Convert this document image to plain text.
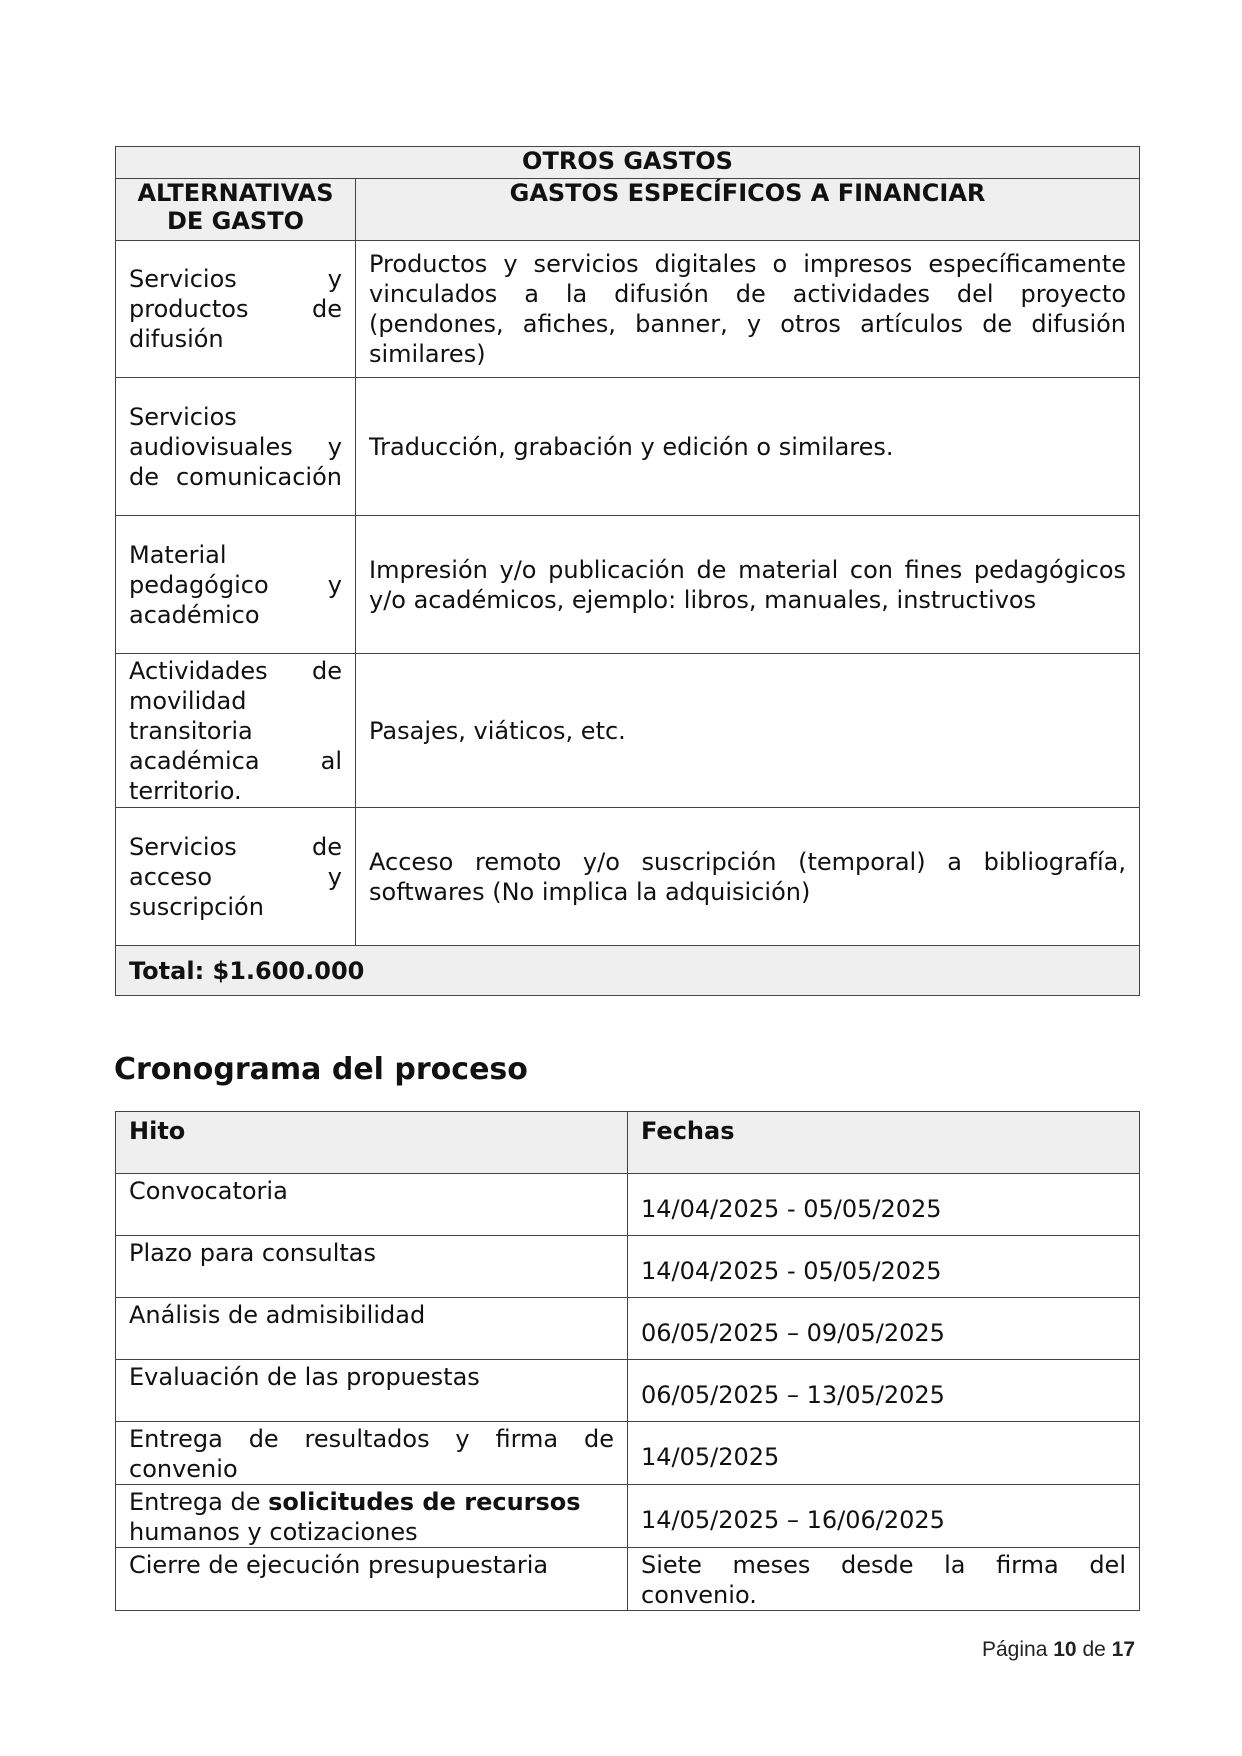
OTROS GASTOS	
ALTERNATIVAS DE GASTO	GASTOS ESPECÍFICOS A FINANCIAR

Servicios y productos de difusión	Productos y servicios digitales o impresos específicamente vinculados a la difusión de actividades del proyecto (pendones, afiches, banner, y otros artículos de difusión similares)

Servicios audiovisuales y de comunicación	Traducción, grabación y edición o similares.

Material pedagógico y académico	Impresión y/o publicación de material con fines pedagógicos y/o académicos, ejemplo: libros, manuales, instructivos

Actividades de movilidad transitoria académica al territorio.	Pasajes, viáticos, etc.

Servicios de acceso y suscripción	Acceso remoto y/o suscripción (temporal) a bibliografía, softwares (No implica la adquisición)
Total: $1.600.000	
Cronograma del proceso
Hito	Fechas
Convocatoria	14/04/2025 - 05/05/2025
Plazo para consultas	14/04/2025 - 05/05/2025
Análisis de admisibilidad	06/05/2025 – 09/05/2025
Evaluación de las propuestas	06/05/2025 – 13/05/2025

Entrega de resultados y firma de convenio	14/05/2025
Entrega de solicitudes de recursos humanos y cotizaciones	14/05/2025 – 16/06/2025
Cierre de ejecución presupuestaria	Siete meses desde la firma del convenio.
Página 10 de 17
